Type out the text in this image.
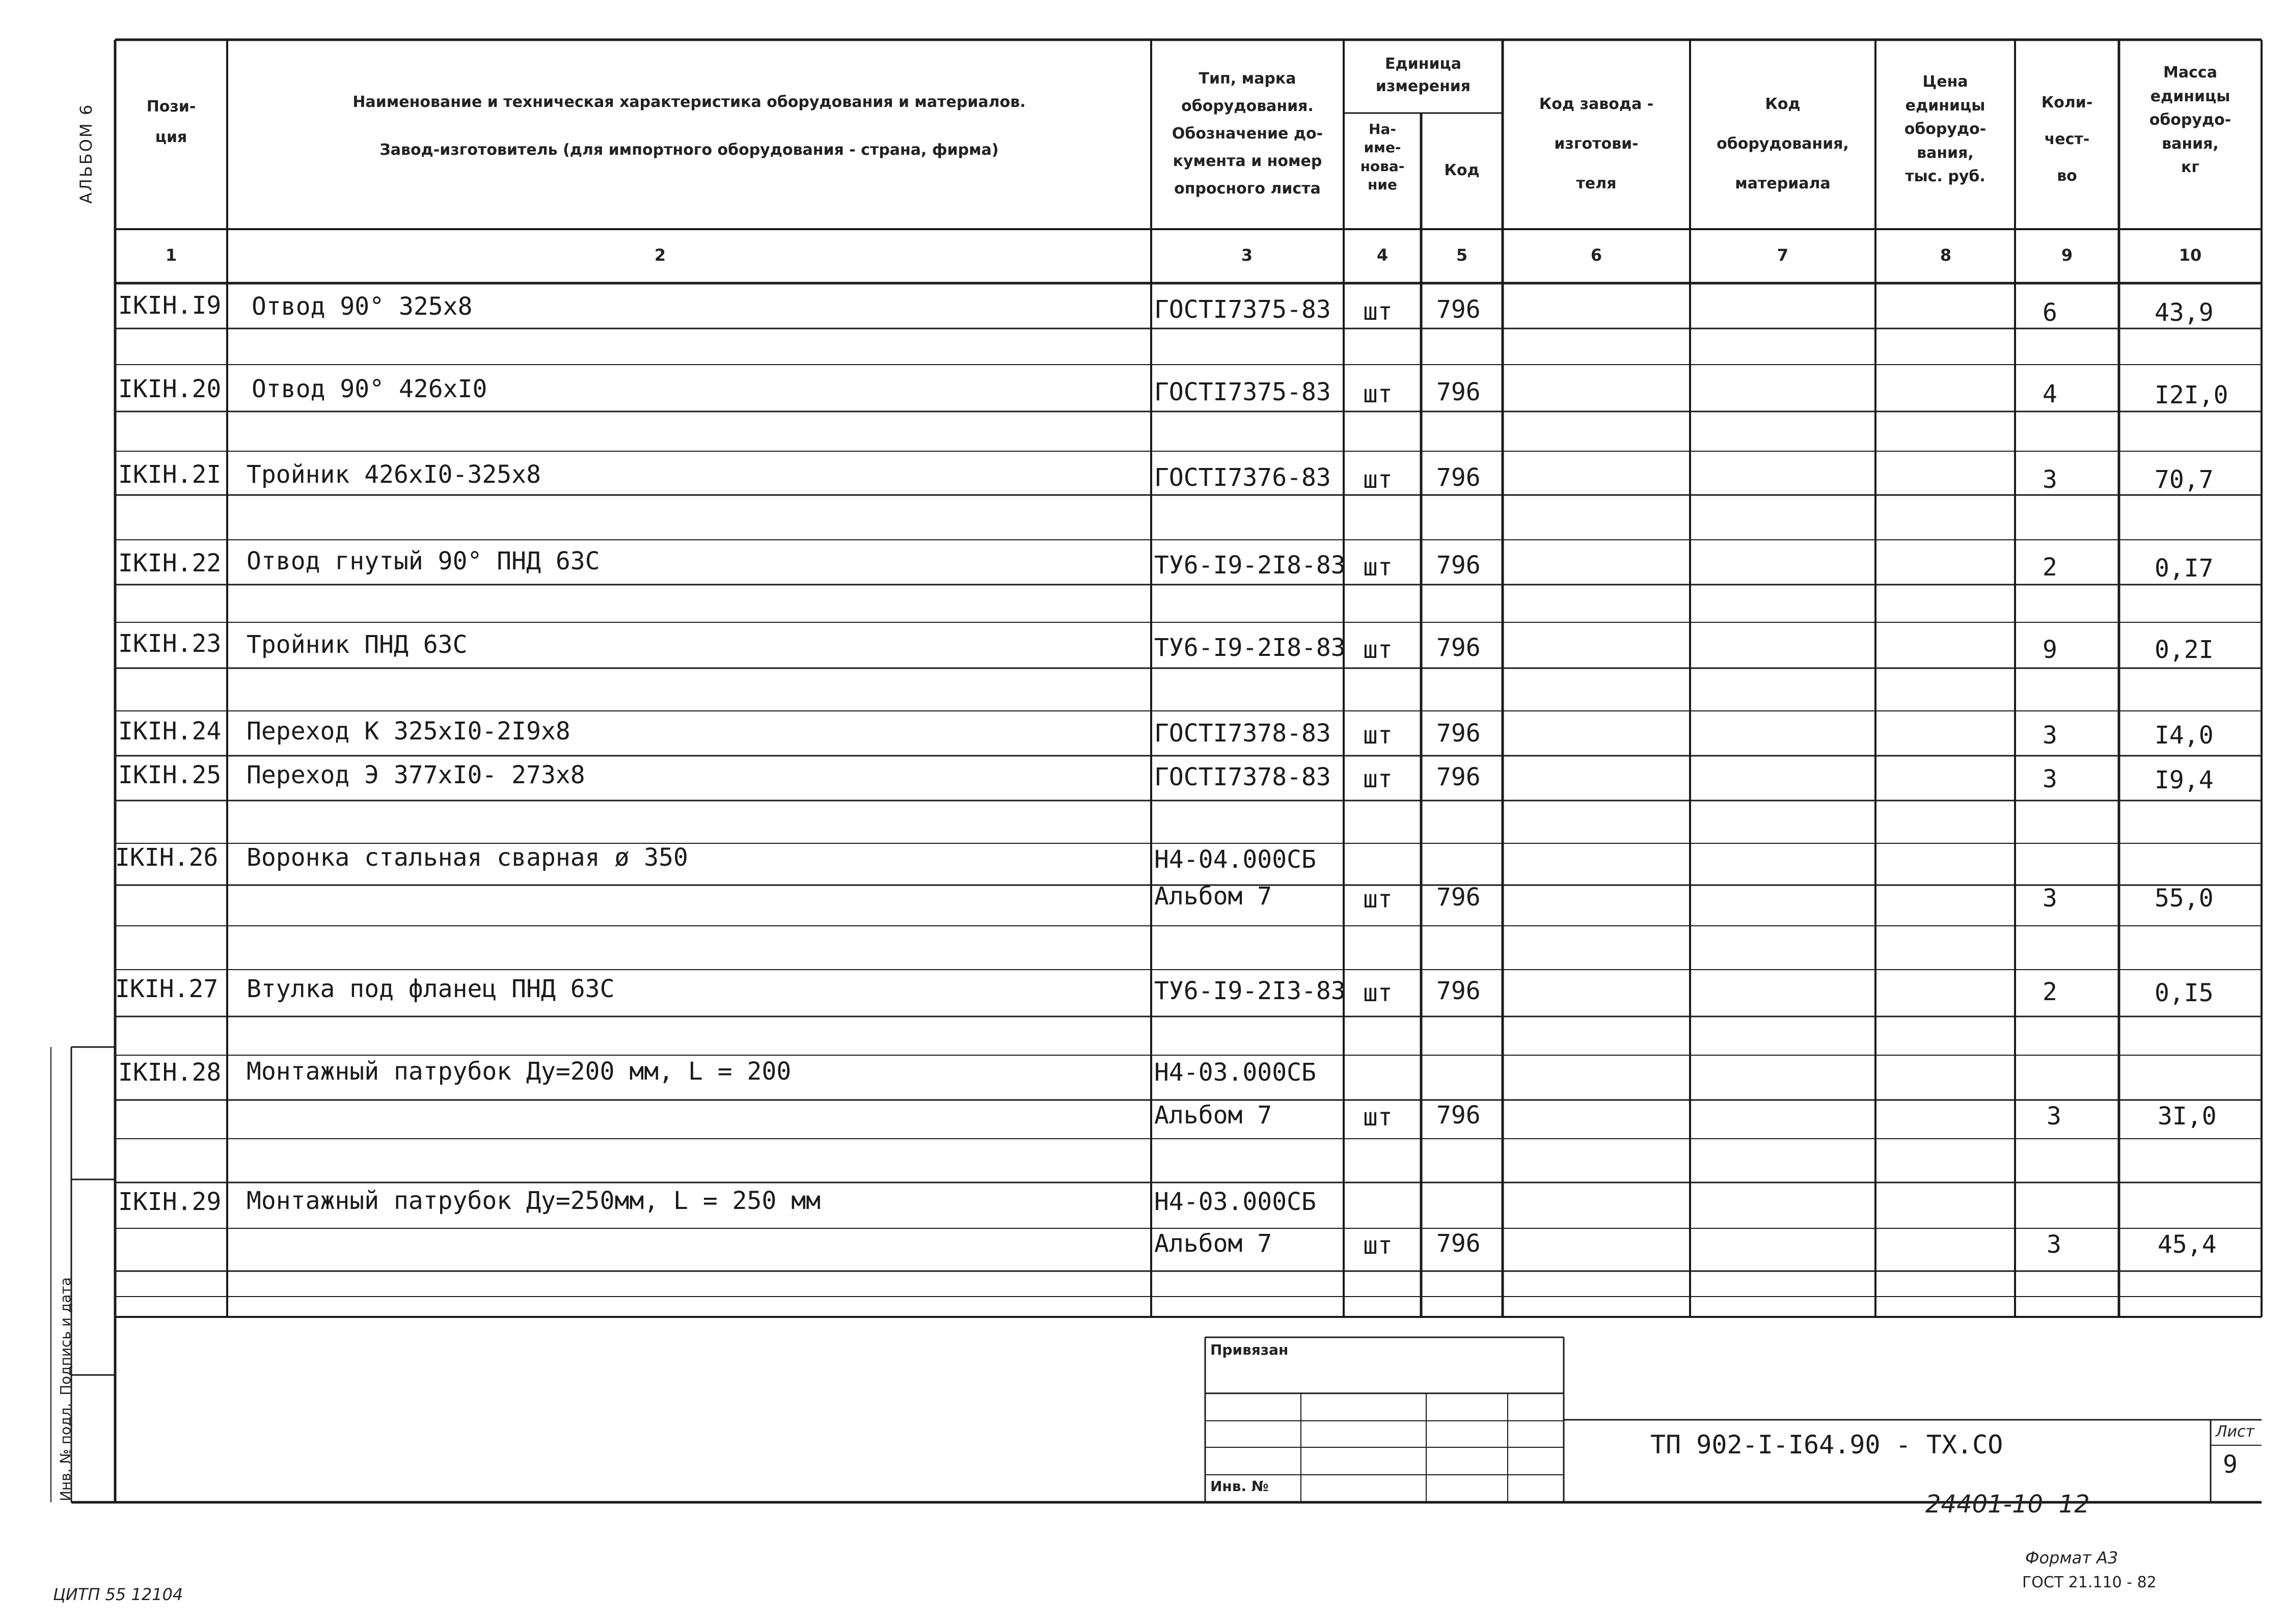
АЛЬБОМ 6
Подпись и дата
Инв. № подл.
Пози-
ция
Наименование и техническая характеристика оборудования и материалов.
Завод-изготовитель (для импортного оборудования - страна, фирма)
Тип, марка
оборудования.
Обозначение до-
кумента и номер
опросного листа
Единица
измерения
На-
име-
нова-
ние
Код
Код завода -
изготови-
теля
Код
оборудования,
материала
Цена
единицы
оборудо-
вания,
тыс. руб.
Коли-
чест-
во
Масса
единицы
оборудо-
вания,
кг
1	2	3	4	5	6	7	8	9	10
IKIH.I9 Отвод 90° 325х8	ГОСТI7375-83 шт 796	6	43,9
IKIH.20 Отвод 90° 426хI0	ГОСТI7375-83 шт 796	4	I2I,0
IKIH.2I Тройник 426хI0-325х8	ГОСТI7376-83 шт 796	3	70,7
IKIH.22 Отвод гнутый 90° ПНД 63С	ТУ6-I9-2I8-83 шт 796	2	0,I7
IKIH.23 Тройник ПНД 63С	ТУ6-I9-2I8-83 шт 796	9	0,2I
IKIH.24 Переход К 325хI0-2I9х8	ГОСТI7378-83 шт 796	3	I4,0
IKIH.25 Переход Э 377хI0- 273х8	ГОСТI7378-83 шт 796	3	I9,4
IKIH.26 Воронка стальная сварная ø 350	Н4-04.000СБ
Альбом 7	шт 796	3	55,0
IKIH.27 Втулка под фланец ПНД 63С	ТУ6-I9-2I3-83 шт 796	2	0,I5
IKIH.28 Монтажный патрубок Ду=200 мм, L = 200	Н4-03.000СБ
Альбом 7	шт 796	3	3I,0
IKIH.29 Монтажный патрубок Ду=250мм, L = 250 мм	Н4-03.000СБ
Альбом 7	шт 796	3	45,4
Привязан
Инв. №
ТП 902-I-I64.90 - ТХ.СО	Лист
9
24401-10  12
Формат А3
ГОСТ 21.110 - 82
ЦИТП 55 12104
